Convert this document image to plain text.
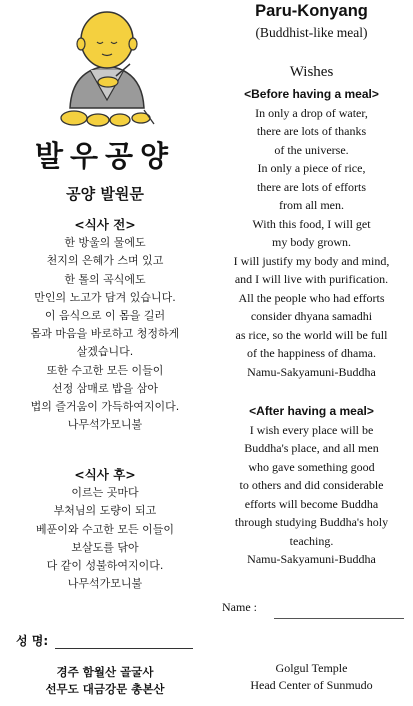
발우공양
공양 발원문
<식사 전>
한 방울의 물에도
천지의 은혜가 스며 있고
한 톨의 곡식에도
만인의 노고가 담겨 있습니다.
이 음식으로 이 몸을 길러
몸과 마음을 바로하고 청정하게
살겠습니다.
또한 수고한 모든 이들이
선정 삼매로 밥을 삼아
법의 즐거움이 가득하여지이다.
나무석가모니불
<식사 후>
이르는 곳마다
부처님의 도량이 되고
베푼이와 수고한 모든 이들이
보살도를 닦아
다 같이 성불하여지이다.
나무석가모니불
성 명:
경주 함월산 골굴사
선무도 대금강문 총본산
Paru-Konyang
(Buddhist-like meal)
Wishes
<Before having a meal>
In only a drop of water,
there are lots of thanks
of the universe.
In only a piece of rice,
there are lots of efforts
from all men.
With this food, I will get
my body grown.
I will justify my body and mind,
and I will live with purification.
All the people who had efforts
consider dhyana samadhi
as rice, so the world will be full
of the happiness of dhama.
Namu-Sakyamuni-Buddha
<After having a meal>
I wish every place will be
Buddha's place, and all men
who gave something good
to others and did considerable
efforts will become Buddha
through studying Buddha's holy
teaching.
Namu-Sakyamuni-Buddha
Name :
Golgul Temple
Head Center of Sunmudo
